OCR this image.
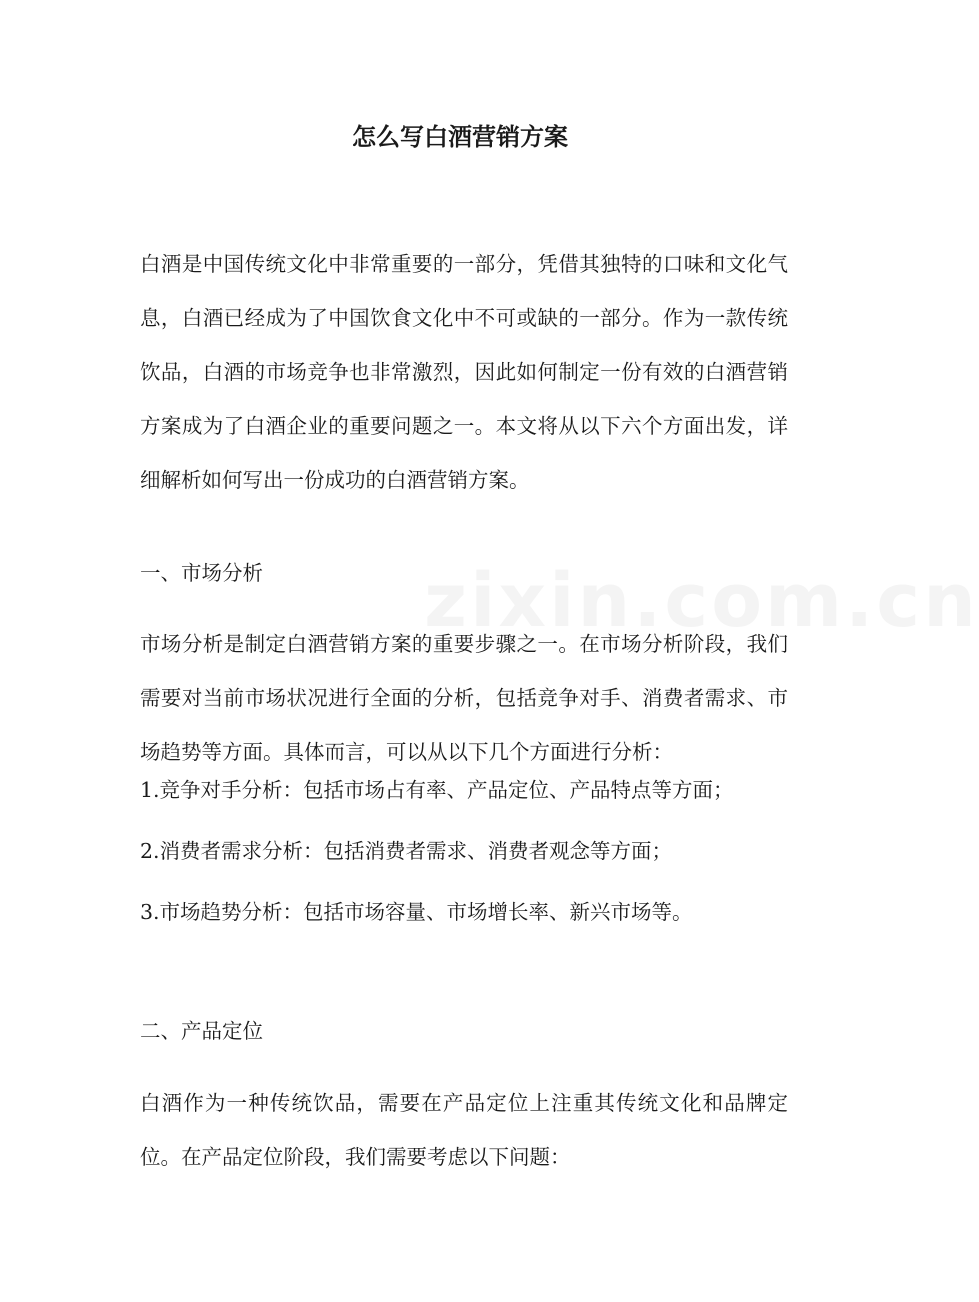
zixin.com.cn
怎么写白酒营销方案

白酒是中国传统文化中非常重要的一部分，凭借其独特的口味和文化气息，白酒已经成为了中国饮食文化中不可或缺的一部分。作为一款传统饮品，白酒的市场竞争也非常激烈，因此如何制定一份有效的白酒营销方案成为了白酒企业的重要问题之一。本文将从以下六个方面出发，详细解析如何写出一份成功的白酒营销方案。

一、市场分析

市场分析是制定白酒营销方案的重要步骤之一。在市场分析阶段，我们需要对当前市场状况进行全面的分析，包括竞争对手、消费者需求、市场趋势等方面。具体而言，可以从以下几个方面进行分析：

1.竞争对手分析：包括市场占有率、产品定位、产品特点等方面；

2.消费者需求分析：包括消费者需求、消费者观念等方面；

3.市场趋势分析：包括市场容量、市场增长率、新兴市场等。

二、产品定位

白酒作为一种传统饮品，需要在产品定位上注重其传统文化和品牌定位。在产品定位阶段，我们需要考虑以下问题：
